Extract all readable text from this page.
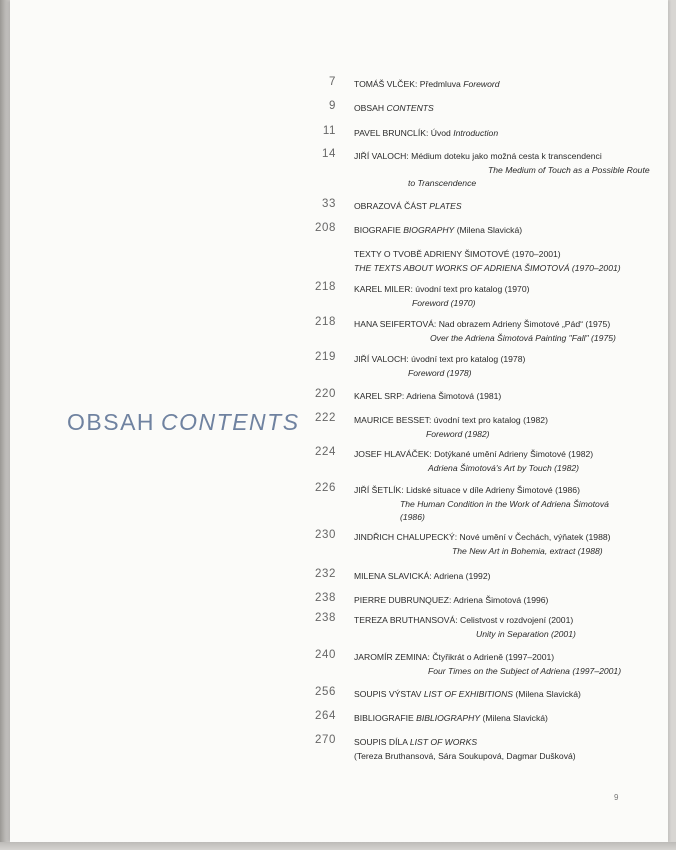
OBSAH CONTENTS
7 TOMÁŠ VLČEK: Předmluva Foreword
9 OBSAH CONTENTS
11 PAVEL BRUNCLÍK: Úvod Introduction
14 JIŘÍ VALOCH: Médium doteku jako možná cesta k transcendenci
The Medium of Touch as a Possible Route
to Transcendence
33 OBRAZOVÁ ČÁST PLATES
208 BIOGRAFIE BIOGRAPHY (Milena Slavická)
TEXTY O TVOBĚ ADRIENY ŠIMOTOVÉ (1970–2001)
THE TEXTS ABOUT WORKS OF ADRIENA ŠIMOTOVÁ (1970–2001)
218 KAREL MILER: úvodní text pro katalog (1970)
Foreword (1970)
218 HANA SEIFERTOVÁ: Nad obrazem Adrieny Šimotové „Pád“ (1975)
Over the Adriena Šimotová Painting "Fall" (1975)
219 JIŘÍ VALOCH: úvodní text pro katalog (1978)
Foreword (1978)
220 KAREL SRP: Adriena Šimotová (1981)
222 MAURICE BESSET: úvodní text pro katalog (1982)
Foreword (1982)
224 JOSEF HLAVÁČEK: Dotýkané umění Adrieny Šimotové (1982)
Adriena Šimotová's Art by Touch (1982)
226 JIŘÍ ŠETLÍK: Lidské situace v díle Adrieny Šimotové (1986)
The Human Condition in the Work of Adriena Šimotová
(1986)
230 JINDŘICH CHALUPECKÝ: Nové umění v Čechách, výňatek (1988)
The New Art in Bohemia, extract (1988)
232 MILENA SLAVICKÁ: Adriena (1992)
238 PIERRE DUBRUNQUEZ: Adriena Šimotová (1996)
238 TEREZA BRUTHANSOVÁ: Celistvost v rozdvojení (2001)
Unity in Separation (2001)
240 JAROMÍR ZEMINA: Čtyřikrát o Adrieně (1997–2001)
Four Times on the Subject of Adriena (1997–2001)
256 SOUPIS VÝSTAV LIST OF EXHIBITIONS (Milena Slavická)
264 BIBLIOGRAFIE BIBLIOGRAPHY (Milena Slavická)
270 SOUPIS DÍLA LIST OF WORKS
(Tereza Bruthansová, Sára Soukupová, Dagmar Dušková)
9
